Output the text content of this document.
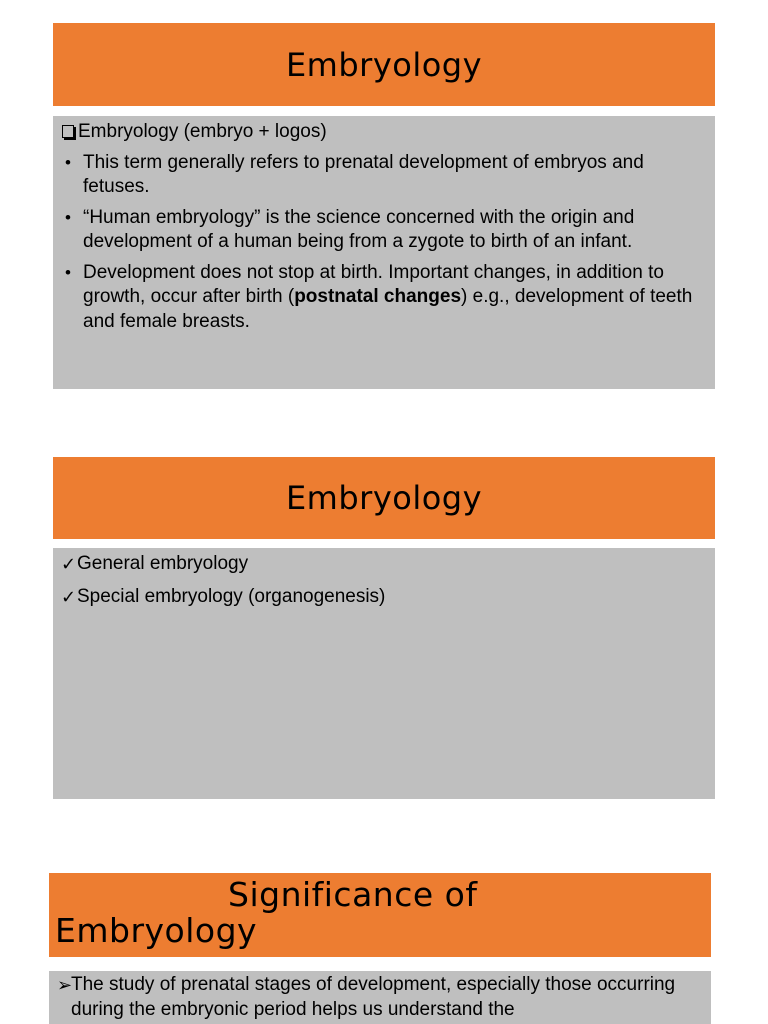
Embryology
Embryology (embryo + logos)
• This term generally refers to prenatal development of embryos and fetuses.
• “Human embryology” is the science concerned with the origin and development of a human being from a zygote to birth of an infant.
• Development does not stop at birth. Important changes, in addition to growth, occur after birth (postnatal changes) e.g., development of teeth and female breasts.
Embryology
✓ General embryology
✓ Special embryology (organogenesis)
Significance of
Embryology
➢
The study of prenatal stages of development, especially those occurring during the embryonic period helps us understand the
